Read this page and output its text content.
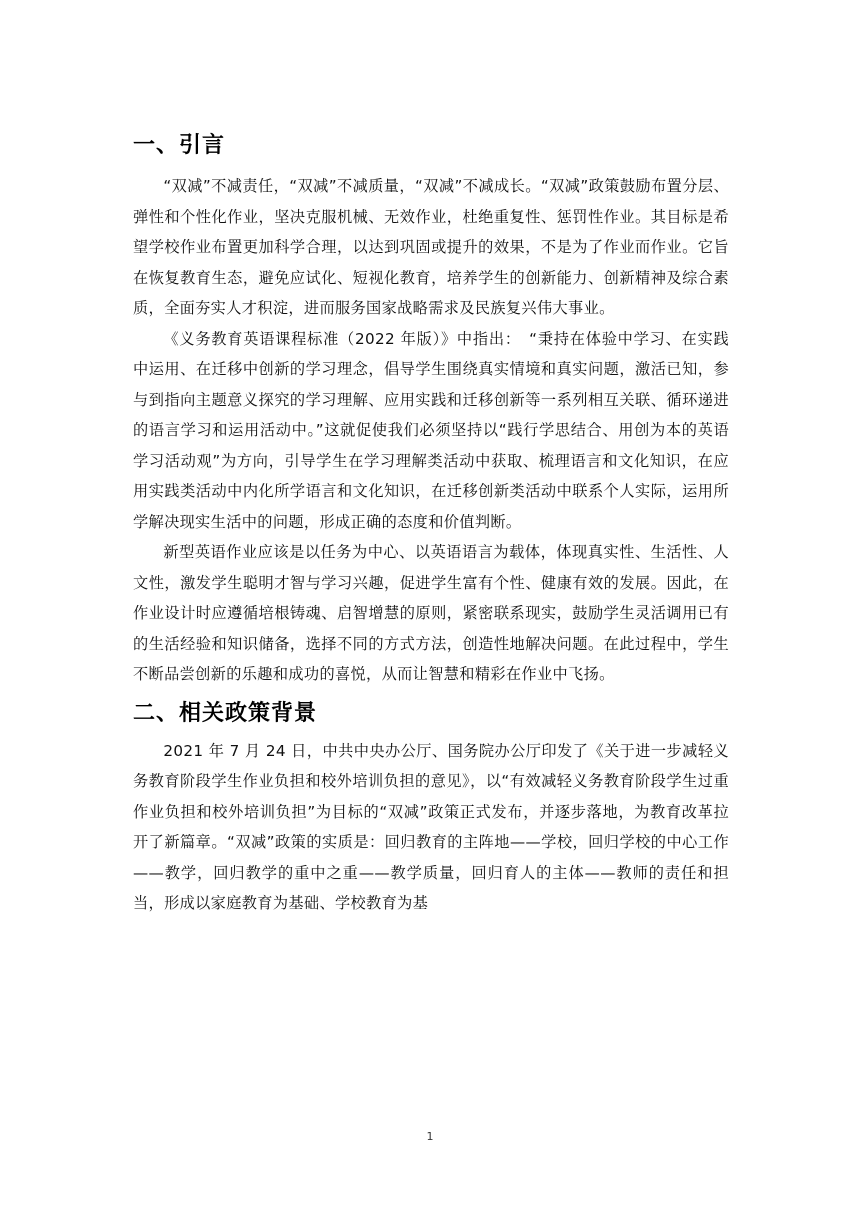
一、引言

“双减”不减责任，“双减”不减质量，“双减”不减成长。“双减”政策鼓励布置分层、弹性和个性化作业，坚决克服机械、无效作业，杜绝重复性、惩罚性作业。其目标是希望学校作业布置更加科学合理，以达到巩固或提升的效果，不是为了作业而作业。它旨在恢复教育生态，避免应试化、短视化教育，培养学生的创新能力、创新精神及综合素质，全面夯实人才积淀，进而服务国家战略需求及民族复兴伟大事业。

《义务教育英语课程标准（2022 年版）》中指出：　“秉持在体验中学习、在实践中运用、在迁移中创新的学习理念，倡导学生围绕真实情境和真实问题，激活已知，参与到指向主题意义探究的学习理解、应用实践和迁移创新等一系列相互关联、循环递进的语言学习和运用活动中。”这就促使我们必须坚持以“践行学思结合、用创为本的英语学习活动观”为方向，引导学生在学习理解类活动中获取、梳理语言和文化知识，在应用实践类活动中内化所学语言和文化知识，在迁移创新类活动中联系个人实际，运用所学解决现实生活中的问题，形成正确的态度和价值判断。

新型英语作业应该是以任务为中心、以英语语言为载体，体现真实性、生活性、人文性，激发学生聪明才智与学习兴趣，促进学生富有个性、健康有效的发展。因此，在作业设计时应遵循培根铸魂、启智增慧的原则，紧密联系现实，鼓励学生灵活调用已有的生活经验和知识储备，选择不同的方式方法，创造性地解决问题。在此过程中，学生不断品尝创新的乐趣和成功的喜悦，从而让智慧和精彩在作业中飞扬。

二、相关政策背景

2021 年 7 月 24 日，中共中央办公厅、国务院办公厅印发了《关于进一步减轻义务教育阶段学生作业负担和校外培训负担的意见》，以“有效减轻义务教育阶段学生过重作业负担和校外培训负担”为目标的“双减”政策正式发布，并逐步落地，为教育改革拉开了新篇章。“双减”政策的实质是：回归教育的主阵地——学校，回归学校的中心工作——教学，回归教学的重中之重——教学质量，回归育人的主体——教师的责任和担当，形成以家庭教育为基础、学校教育为基

1
